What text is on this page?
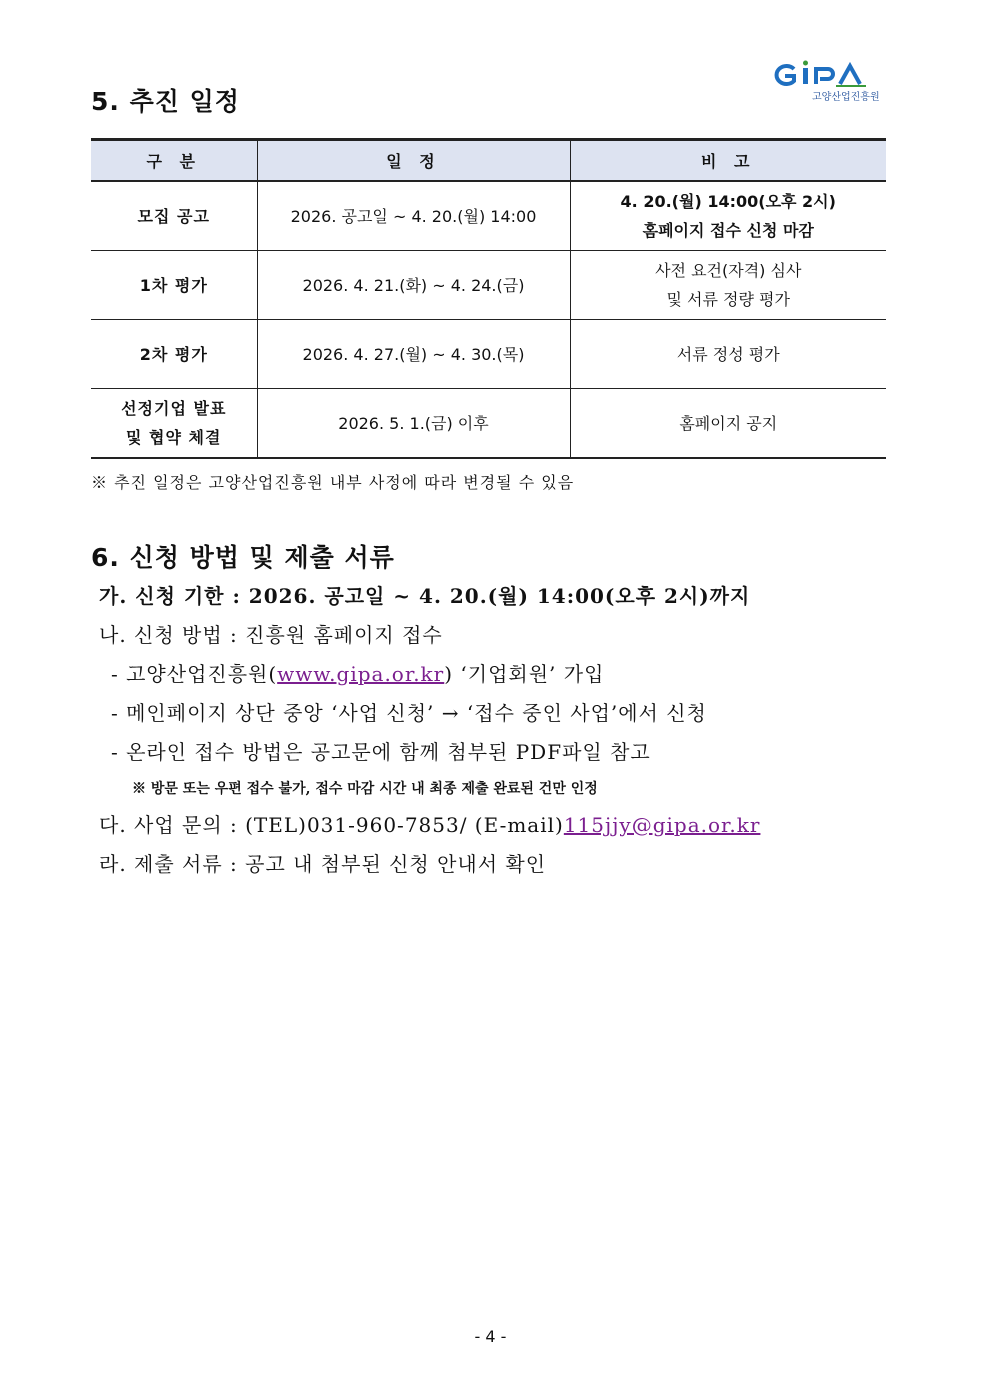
5. 추진 일정	고양산업진흥원
구 분	일 정	비 고
모집 공고	2026. 공고일 ~ 4. 20.(월) 14:00	4. 20.(월) 14:00(오후 2시)
홈페이지 접수 신청 마감

1차 평가	2026. 4. 21.(화) ~ 4. 24.(금)	사전 요건(자격) 심사
및 서류 정량 평가

2차 평가	2026. 4. 27.(월) ~ 4. 30.(목)	서류 정성 평가

선정기업 발표
및 협약 체결	2026. 5. 1.(금) 이후	홈페이지 공지
※ 추진 일정은 고양산업진흥원 내부 사정에 따라 변경될 수 있음
6. 신청 방법 및 제출 서류
가. 신청 기한 : 2026. 공고일 ~ 4. 20.(월) 14:00(오후 2시)까지
나. 신청 방법 : 진흥원 홈페이지 접수
- 고양산업진흥원(www.gipa.or.kr) ‘기업회원’ 가입
- 메인페이지 상단 중앙 ‘사업 신청’ → ‘접수 중인 사업’에서 신청
- 온라인 접수 방법은 공고문에 함께 첨부된 PDF파일 참고
※ 방문 또는 우편 접수 불가, 접수 마감 시간 내 최종 제출 완료된 건만 인정
다. 사업 문의 : (TEL)031-960-7853/ (E-mail)115jjy@gipa.or.kr
라. 제출 서류 : 공고 내 첨부된 신청 안내서 확인
- 4 -
